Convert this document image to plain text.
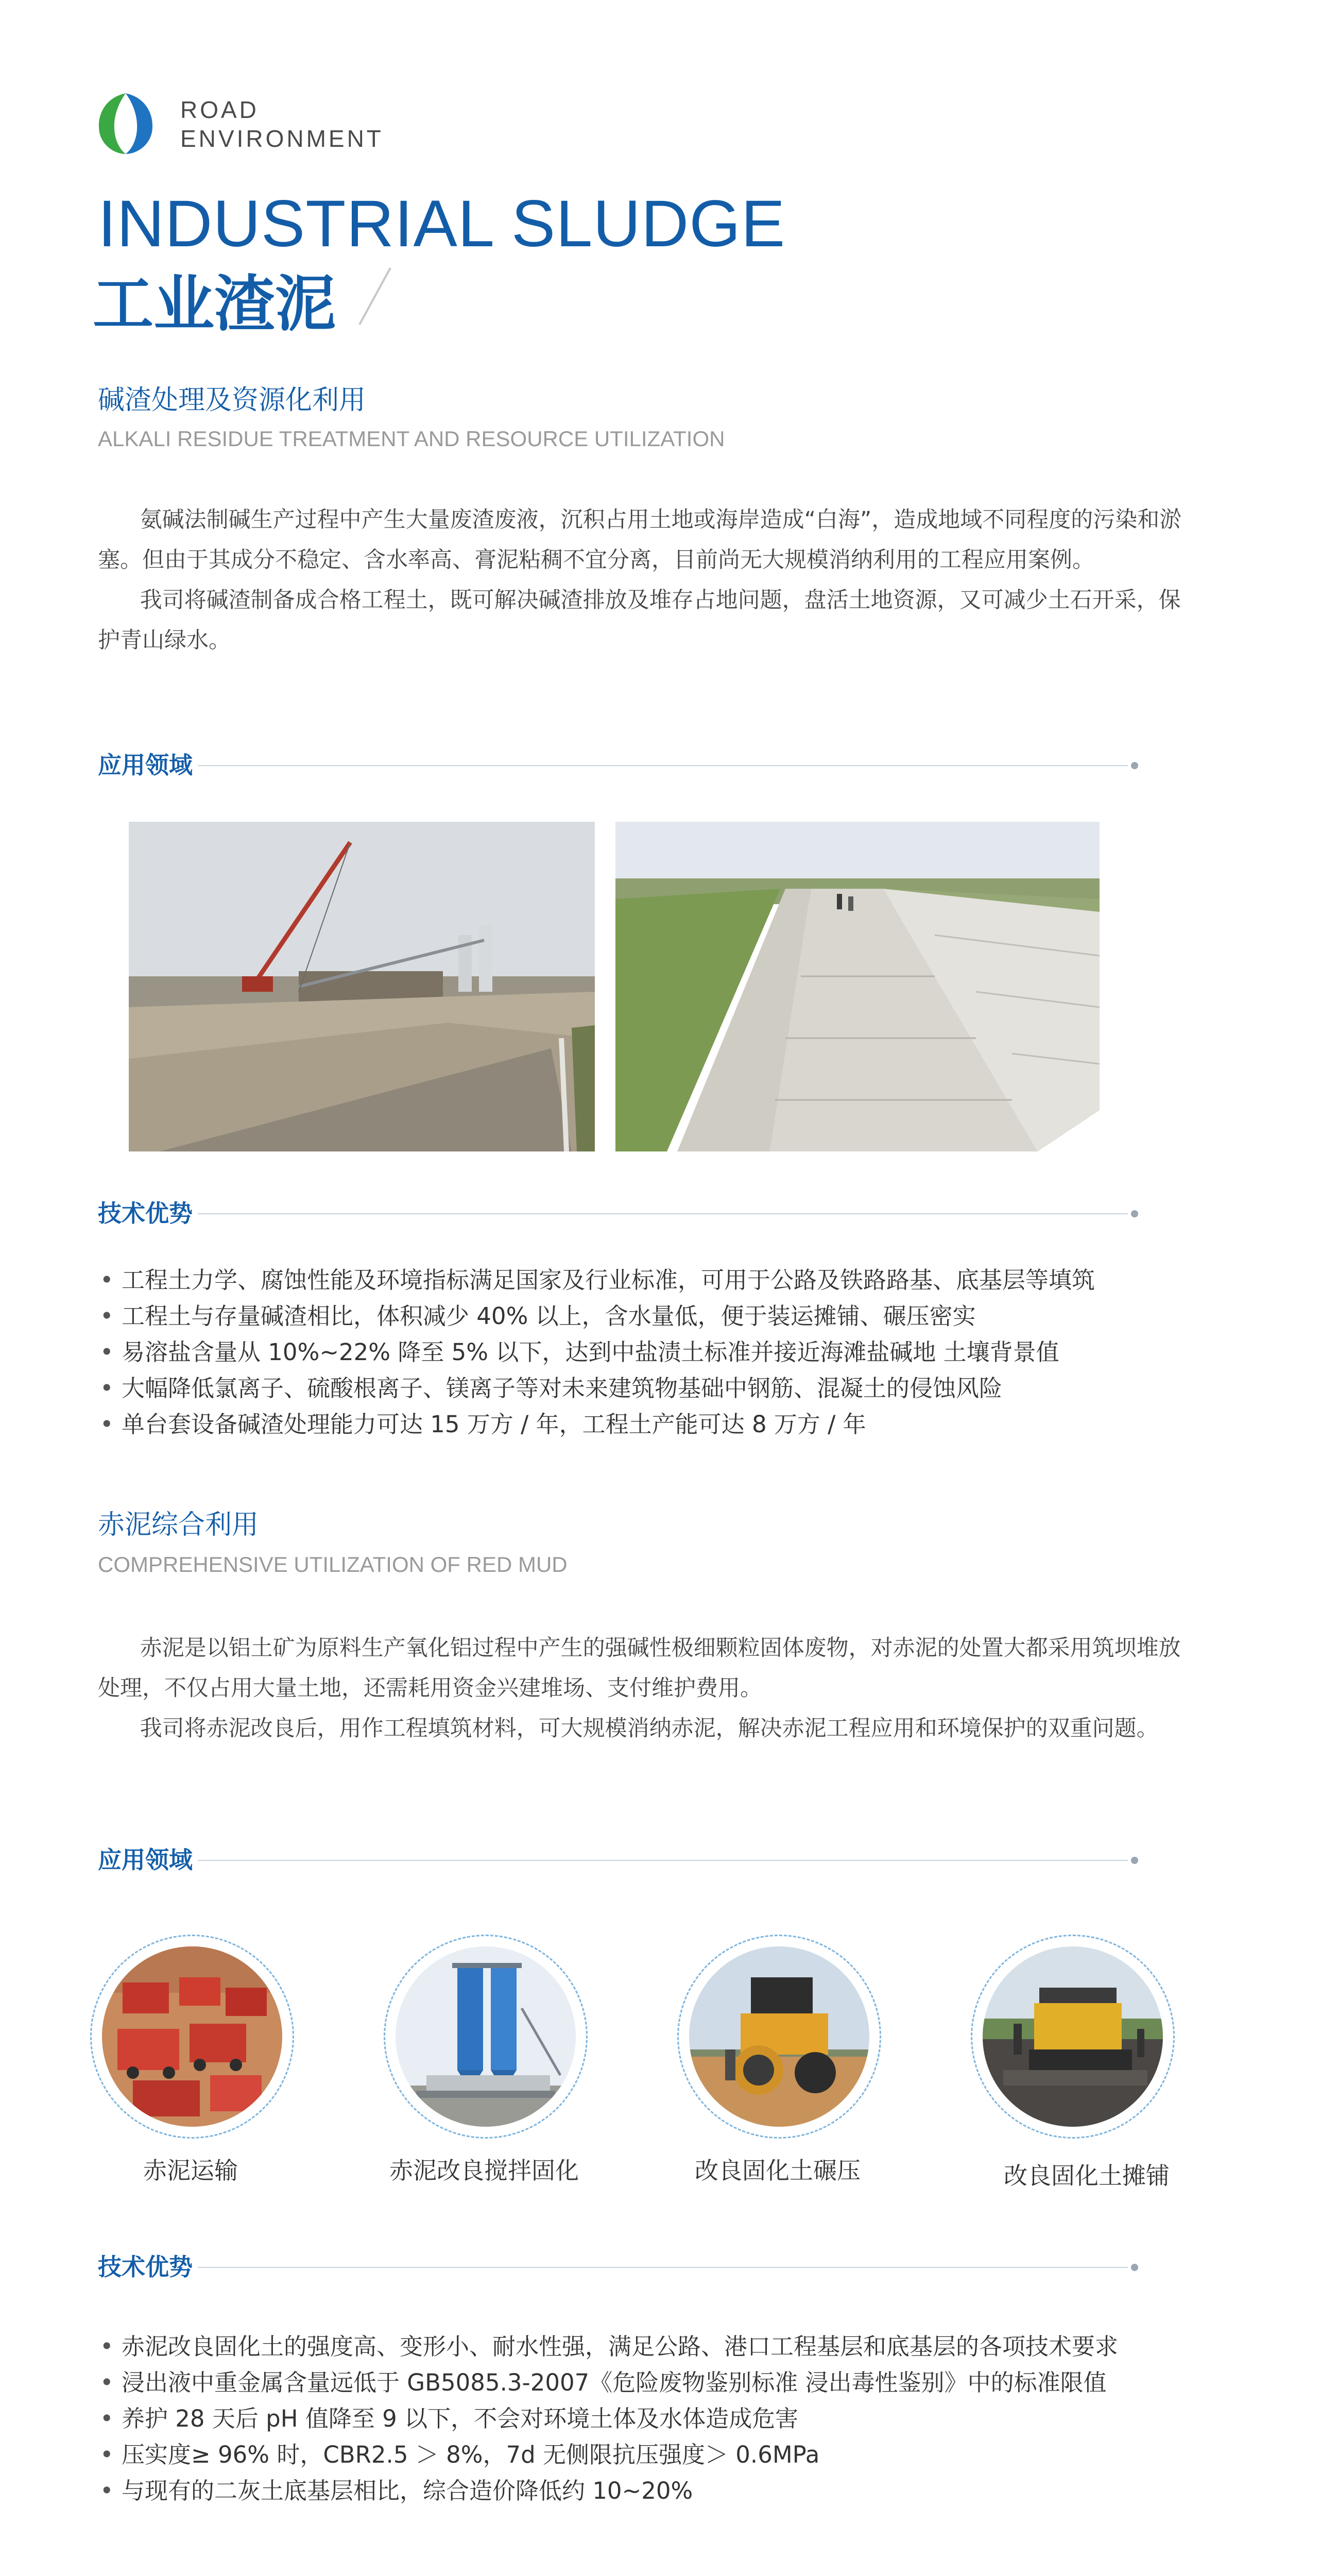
ROAD
ENVIRONMENT
INDUSTRIAL SLUDGE
工业渣泥
碱渣处理及资源化利用
ALKALI RESIDUE TREATMENT AND RESOURCE UTILIZATION

氨碱法制碱生产过程中产生大量废渣废液，沉积占用土地或海岸造成“白海”，造成地域不同程度的污染和淤塞。但由于其成分不稳定、含水率高、膏泥粘稠不宜分离，目前尚无大规模消纳利用的工程应用案例。

我司将碱渣制备成合格工程土，既可解决碱渣排放及堆存占地问题，盘活土地资源，又可减少土石开采，保护青山绿水。

应用领域
技术优势
• 工程土力学、腐蚀性能及环境指标满足国家及行业标准，可用于公路及铁路路基、底基层等填筑
• 工程土与存量碱渣相比，体积减少 40% 以上，含水量低，便于装运摊铺、碾压密实
• 易溶盐含量从 10%~22% 降至 5% 以下，达到中盐渍土标准并接近海滩盐碱地 土壤背景值
• 大幅降低氯离子、硫酸根离子、镁离子等对未来建筑物基础中钢筋、混凝土的侵蚀风险
• 单台套设备碱渣处理能力可达 15 万方 / 年，工程土产能可达 8 万方 / 年
赤泥综合利用
COMPREHENSIVE UTILIZATION OF RED MUD

赤泥是以铝土矿为原料生产氧化铝过程中产生的强碱性极细颗粒固体废物，对赤泥的处置大都采用筑坝堆放处理，不仅占用大量土地，还需耗用资金兴建堆场、支付维护费用。

我司将赤泥改良后，用作工程填筑材料，可大规模消纳赤泥，解决赤泥工程应用和环境保护的双重问题。

应用领域
赤泥运输	赤泥改良搅拌固化	改良固化土碾压	改良固化土摊铺
技术优势
• 赤泥改良固化土的强度高、变形小、耐水性强，满足公路、港口工程基层和底基层的各项技术要求
• 浸出液中重金属含量远低于 GB5085.3-2007《危险废物鉴别标准 浸出毒性鉴别》中的标准限值
• 养护 28 天后 pH 值降至 9 以下，不会对环境土体及水体造成危害
• 压实度≥ 96% 时，CBR2.5 ＞ 8%，7d 无侧限抗压强度＞ 0.6MPa
• 与现有的二灰土底基层相比，综合造价降低约 10~20%
